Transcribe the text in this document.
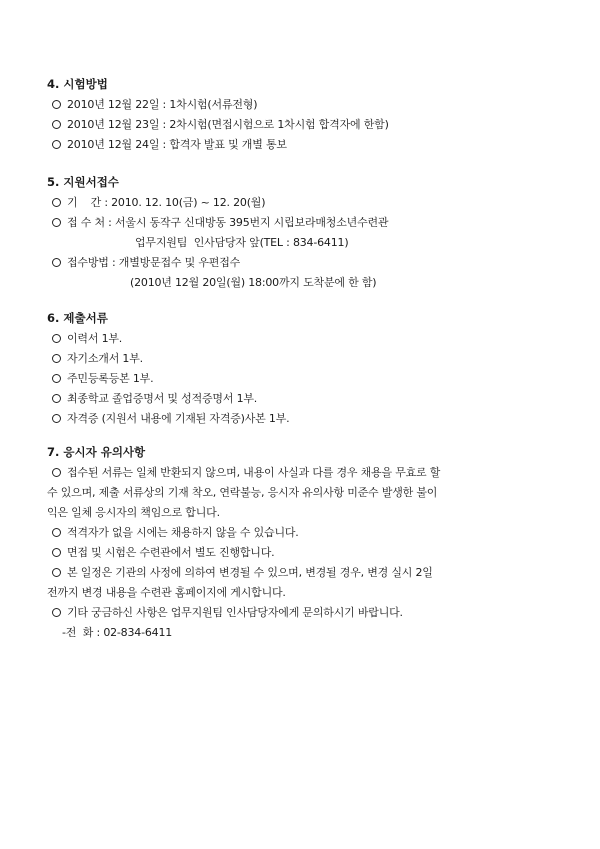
4. 시험방법
2010년 12월 22일 : 1차시험(서류전형)
2010년 12월 23일 : 2차시험(면접시험으로 1차시험 합격자에 한함)
2010년 12월 24일 : 합격자 발표 및 개별 통보
5. 지원서접수
기    간 : 2010. 12. 10(금) ~ 12. 20(월)
접 수 처 : 서울시 동작구 신대방동 395번지 시립보라매청소년수련관
업무지원팀  인사담당자 앞(TEL : 834-6411)
접수방법 : 개별방문접수 및 우편접수
(2010년 12월 20일(월) 18:00까지 도착분에 한 함)
6. 제출서류
이력서 1부.
자기소개서 1부.
주민등록등본 1부.
최종학교 졸업증명서 및 성적증명서 1부.
자격증 (지원서 내용에 기재된 자격증)사본 1부.
7. 응시자 유의사항
접수된 서류는 일체 반환되지 않으며, 내용이 사실과 다를 경우 채용을 무효로 할
수 있으며, 제출 서류상의 기재 착오, 연락불능, 응시자 유의사항 미준수 발생한 불이
익은 일체 응시자의 책임으로 합니다.
적격자가 없을 시에는 채용하지 않을 수 있습니다.
면접 및 시험은 수련관에서 별도 진행합니다.
본 일정은 기관의 사정에 의하여 변경될 수 있으며, 변경될 경우, 변경 실시 2일
전까지 변경 내용을 수련관 홈페이지에 게시합니다.
기타 궁금하신 사항은 업무지원팀 인사담당자에게 문의하시기 바랍니다.
-전  화 : 02-834-6411
